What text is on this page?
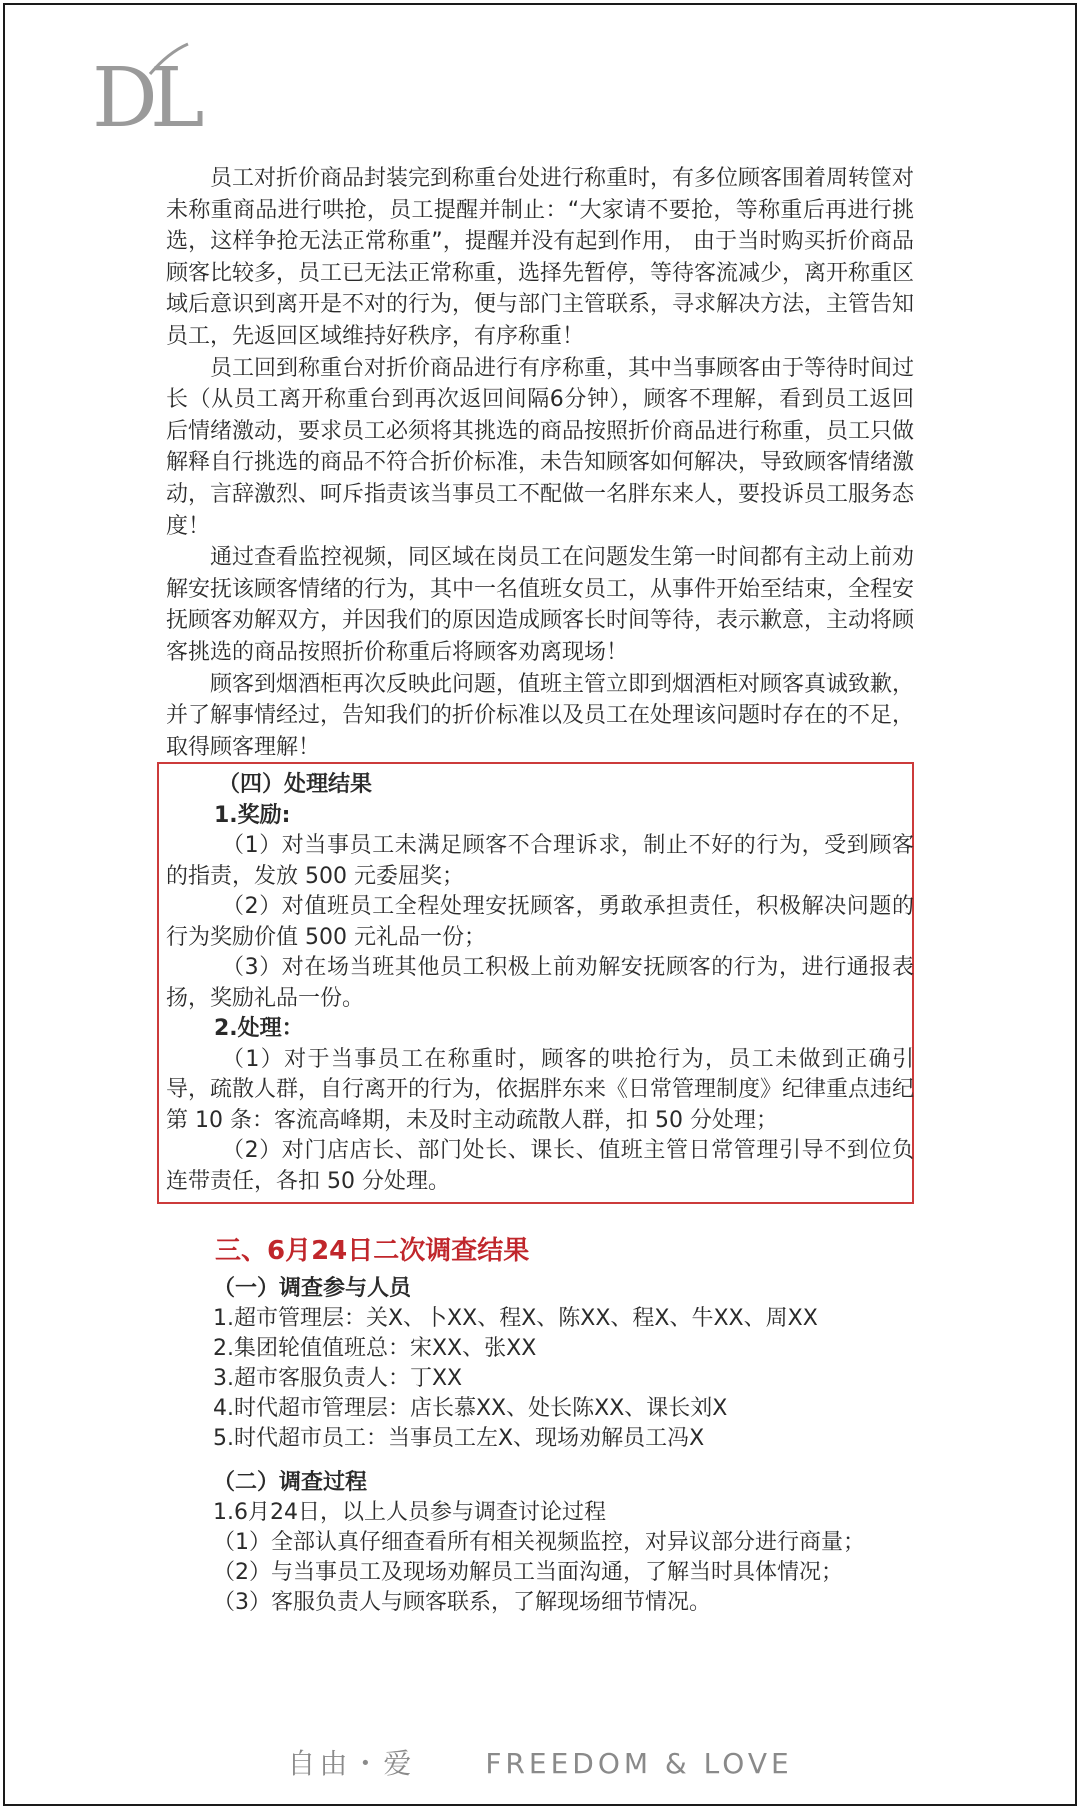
D
L

员工对折价商品封装完到称重台处进行称重时，有多位顾客围着周转筐对未称重商品进行哄抢，员工提醒并制止：“大家请不要抢，等称重后再进行挑选，这样争抢无法正常称重”，提醒并没有起到作用， 由于当时购买折价商品顾客比较多，员工已无法正常称重，选择先暂停，等待客流减少，离开称重区域后意识到离开是不对的行为，便与部门主管联系，寻求解决方法，主管告知员工，先返回区域维持好秩序，有序称重！

员工回到称重台对折价商品进行有序称重，其中当事顾客由于等待时间过长（从员工离开称重台到再次返回间隔6分钟），顾客不理解，看到员工返回后情绪激动，要求员工必须将其挑选的商品按照折价商品进行称重，员工只做解释自行挑选的商品不符合折价标准，未告知顾客如何解决，导致顾客情绪激动，言辞激烈、呵斥指责该当事员工不配做一名胖东来人，要投诉员工服务态度！

通过查看监控视频，同区域在岗员工在问题发生第一时间都有主动上前劝解安抚该顾客情绪的行为，其中一名值班女员工，从事件开始至结束，全程安抚顾客劝解双方，并因我们的原因造成顾客长时间等待，表示歉意，主动将顾客挑选的商品按照折价称重后将顾客劝离现场！

顾客到烟酒柜再次反映此问题，值班主管立即到烟酒柜对顾客真诚致歉，并了解事情经过，告知我们的折价标准以及员工在处理该问题时存在的不足，取得顾客理解！

（四）处理结果

1.奖励:

（1）对当事员工未满足顾客不合理诉求，制止不好的行为，受到顾客的指责，发放 500 元委屈奖；

（2）对值班员工全程处理安抚顾客，勇敢承担责任，积极解决问题的行为奖励价值 500 元礼品一份；

（3）对在场当班其他员工积极上前劝解安抚顾客的行为，进行通报表扬，奖励礼品一份。

2.处理：

（1）对于当事员工在称重时，顾客的哄抢行为，员工未做到正确引导，疏散人群，自行离开的行为，依据胖东来《日常管理制度》纪律重点违纪第 10 条：客流高峰期，未及时主动疏散人群，扣 50 分处理；

（2）对门店店长、部门处长、课长、值班主管日常管理引导不到位负连带责任，各扣 50 分处理。

三、6月24日二次调查结果

（一）调查参与人员

1.超市管理层：关X、卜XX、程X、陈XX、程X、牛XX、周XX

2.集团轮值值班总：宋XX、张XX

3.超市客服负责人：丁XX

4.时代超市管理层：店长慕XX、处长陈XX、课长刘X

5.时代超市员工：当事员工左X、现场劝解员工冯X

（二）调查过程

1.6月24日，以上人员参与调查讨论过程

（1）全部认真仔细查看所有相关视频监控，对异议部分进行商量；

（2）与当事员工及现场劝解员工当面沟通，了解当时具体情况；

（3）客服负责人与顾客联系，了解现场细节情况。

自由・爱	FREEDOM & LOVE
